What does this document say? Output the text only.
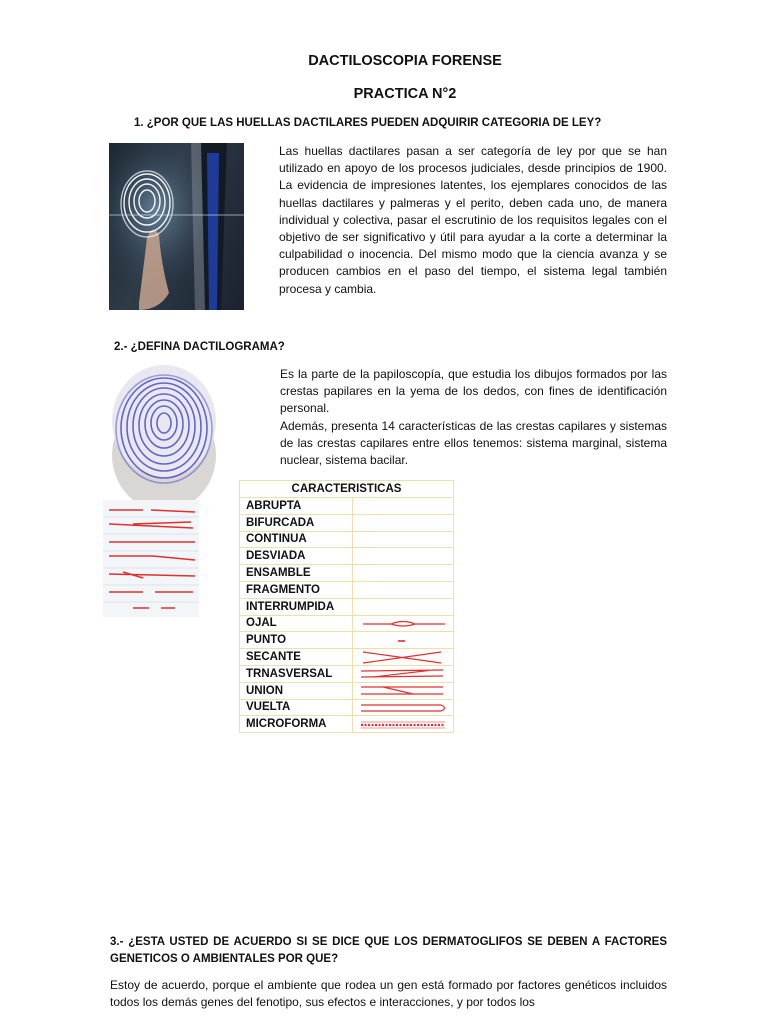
DACTILOSCOPIA FORENSE
PRACTICA N°2
1. ¿POR QUE LAS HUELLAS DACTILARES PUEDEN ADQUIRIR CATEGORIA DE LEY?
Las huellas dactilares pasan a ser categoría de ley por que se han utilizado en apoyo de los procesos judiciales, desde principios de 1900. La evidencia de impresiones latentes, los ejemplares conocidos de las huellas dactilares y palmeras y el perito, deben cada uno, de manera individual y colectiva, pasar el escrutinio de los requisitos legales con el objetivo de ser significativo y útil para ayudar a la corte a determinar la culpabilidad o inocencia. Del mismo modo que la ciencia avanza y se producen cambios en el paso del tiempo, el sistema legal también procesa y cambia.
2.- ¿DEFINA DACTILOGRAMA?

Es la parte de la papiloscopía, que estudia los dibujos formados por las crestas papilares en la yema de los dedos, con fines de identificación personal.

Además, presenta 14 características de las crestas capilares y sistemas de las crestas capilares entre ellos tenemos: sistema marginal, sistema nuclear, sistema bacilar.

CARACTERISTICAS	
ABRUPTA	
BIFURCADA	
CONTINUA	
DESVIADA	
ENSAMBLE	
FRAGMENTO	
INTERRUMPIDA	
OJAL	

PUNTO	

SECANTE	

TRNASVERSAL	

UNION	

VUELTA	

MICROFORMA	
3.- ¿ESTA USTED DE ACUERDO SI SE DICE QUE LOS DERMATOGLIFOS SE DEBEN A FACTORES GENETICOS O AMBIENTALES POR QUE?
Estoy de acuerdo, porque el ambiente que rodea un gen está formado por factores genéticos incluidos todos los demás genes del fenotipo, sus efectos e interacciones, y por todos los
